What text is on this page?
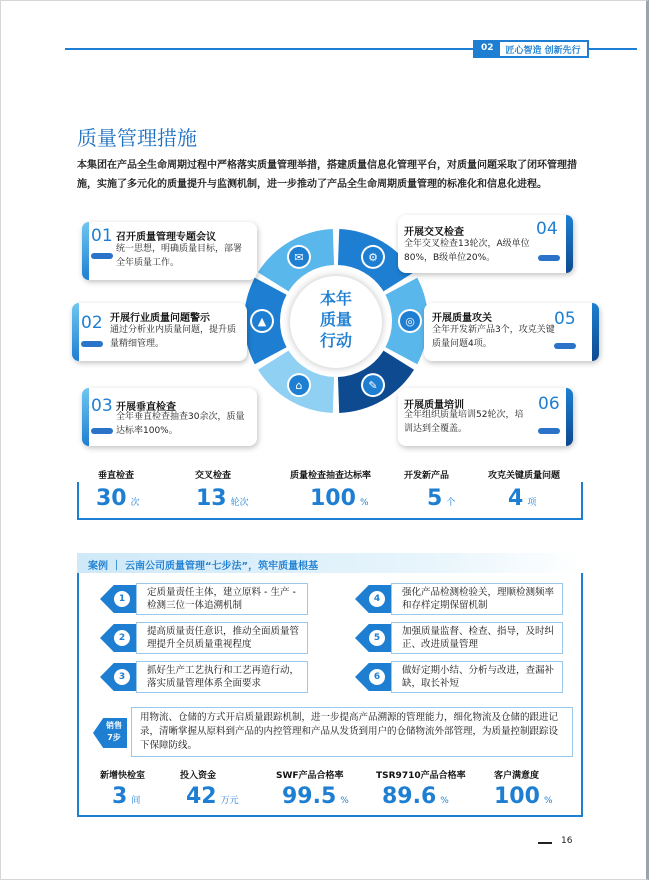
02	匠心智造 创新先行
质量管理措施
本集团在产品全生命周期过程中严格落实质量管理举措，搭建质量信息化管理平台，对质量问题采取了闭环管理措施，实施了多元化的质量提升与监测机制，进一步推动了产品全生命周期质量管理的标准化和信息化进程。
⚙
◎
✎
⌂
▲
✉
本年
质量
行动
01 召开质量管理专题会议
统一思想，明确质量目标，部署全年质量工作。
02 开展行业质量问题警示
通过分析业内质量问题，提升质量精细管理。
03 开展垂直检查
全年垂直检查抽查30余次，质量达标率100%。
开展交叉检查
全年交叉检查13轮次，A级单位80%，B级单位20%。
04
开展质量攻关
全年开发新产品3个，攻克关键质量问题4项。
05
开展质量培训
全年组织质量培训52轮次，培训达到全覆盖。
06
垂直检查
30 次
交叉检查
13 轮次
质量检查抽查达标率
100 %
开发新产品
5 个
攻克关键质量问题
4 项
案例 ｜ 云南公司质量管理“七步法”，筑牢质量根基
1
定质量责任主体，建立原料 - 生产 - 检测三位一体追溯机制
2
提高质量责任意识，推动全面质量管理提升全员质量重视程度
3
抓好生产工艺执行和工艺再造行动，落实质量管理体系全面要求
4
强化产品检测检验关，理顺检测频率和存样定期保留机制
5
加强质量监督、检查、指导，及时纠正、改进质量管理
6
做好定期小结、分析与改进，查漏补缺，取长补短
销售
7步
用物流、仓储的方式开启质量跟踪机制，进一步提高产品溯源的管理能力，细化物流及仓储的跟进记录，清晰掌握从原料到产品的内控管理和产品从发货到用户的仓储物流外部管理，为质量控制跟踪设下保障防线。
新增快检室
3 间
投入资金
42 万元
SWF产品合格率
99.5 %
TSR9710产品合格率
89.6 %
客户满意度
100 %
16
